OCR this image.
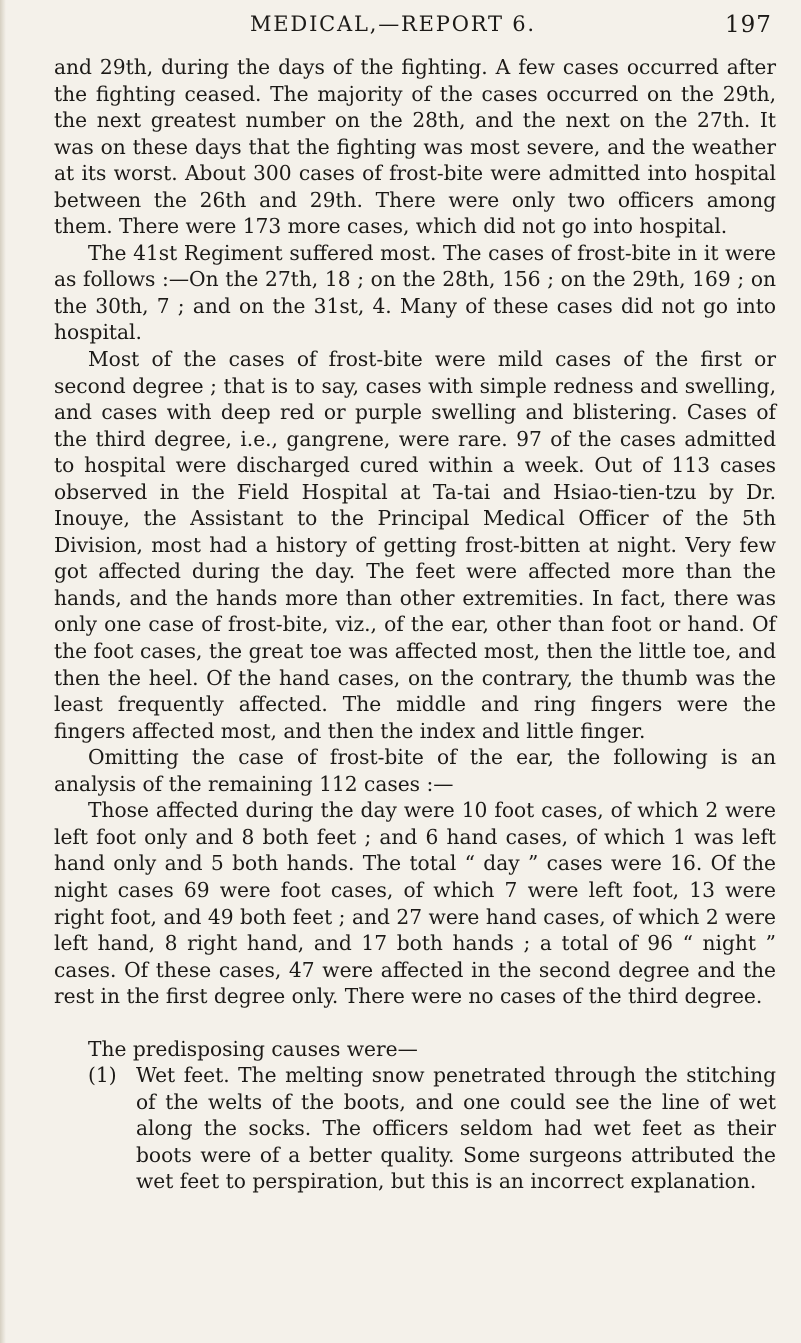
MEDICAL,—REPORT 6.	197

and 29th, during the days of the fighting. A few cases occurred after the fighting ceased. The majority of the cases occurred on the 29th, the next greatest number on the 28th, and the next on the 27th. It was on these days that the fighting was most severe, and the weather at its worst. About 300 cases of frost-bite were admitted into hospital between the 26th and 29th. There were only two officers among them. There were 173 more cases, which did not go into hospital.

The 41st Regiment suffered most. The cases of frost-bite in it were as follows :—On the 27th, 18 ; on the 28th, 156 ; on the 29th, 169 ; on the 30th, 7 ; and on the 31st, 4. Many of these cases did not go into hospital.

Most of the cases of frost-bite were mild cases of the first or second degree ; that is to say, cases with simple redness and swelling, and cases with deep red or purple swelling and blistering. Cases of the third degree, i.e., gangrene, were rare. 97 of the cases admitted to hospital were discharged cured within a week. Out of 113 cases observed in the Field Hospital at Ta-tai and Hsiao-tien-tzu by Dr. Inouye, the Assistant to the Principal Medical Officer of the 5th Division, most had a history of getting frost-bitten at night. Very few got affected during the day. The feet were affected more than the hands, and the hands more than other extremities. In fact, there was only one case of frost-bite, viz., of the ear, other than foot or hand. Of the foot cases, the great toe was affected most, then the little toe, and then the heel. Of the hand cases, on the contrary, the thumb was the least frequently affected. The middle and ring fingers were the fingers affected most, and then the index and little finger.

Omitting the case of frost-bite of the ear, the following is an analysis of the remaining 112 cases :—

Those affected during the day were 10 foot cases, of which 2 were left foot only and 8 both feet ; and 6 hand cases, of which 1 was left hand only and 5 both hands. The total “ day ” cases were 16. Of the night cases 69 were foot cases, of which 7 were left foot, 13 were right foot, and 49 both feet ; and 27 were hand cases, of which 2 were left hand, 8 right hand, and 17 both hands ; a total of 96 “ night ” cases. Of these cases, 47 were affected in the second degree and the rest in the first degree only. There were no cases of the third degree.

The predisposing causes were—

(1) Wet feet. The melting snow penetrated through the stitching of the welts of the boots, and one could see the line of wet along the socks. The officers seldom had wet feet as their boots were of a better quality. Some surgeons attributed the wet feet to perspiration, but this is an incorrect explanation.
